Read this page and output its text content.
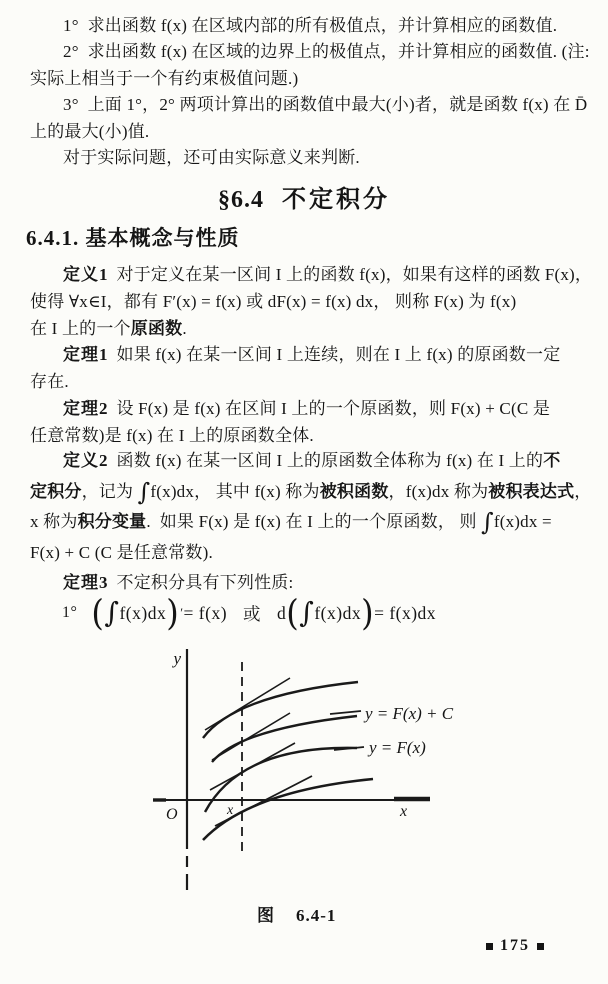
1°  求出函数 f(x) 在区域内部的所有极值点，并计算相应的函数值.
2°  求出函数 f(x) 在区域的边界上的极值点，并计算相应的函数值. (注:
实际上相当于一个有约束极值问题.)
3°  上面 1°，2° 两项计算出的函数值中最大(小)者，就是函数 f(x) 在 D̄
上的最大(小)值.
对于实际问题，还可由实际意义来判断.
§6.4 不定积分
6.4.1. 基本概念与性质
定义1 对于定义在某一区间 I 上的函数 f(x)，如果有这样的函数 F(x)，
使得 ∀x∈I，都有 F′(x) = f(x) 或 dF(x) = f(x) dx， 则称 F(x) 为 f(x)
在 I 上的一个原函数.
定理1 如果 f(x) 在某一区间 I 上连续，则在 I 上 f(x) 的原函数一定
存在.
定理2 设 F(x) 是 f(x) 在区间 I 上的一个原函数，则 F(x) + C(C 是
任意常数)是 f(x) 在 I 上的原函数全体.
定义2 函数 f(x) 在某一区间 I 上的原函数全体称为 f(x) 在 I 上的不
定积分，记为 ∫f(x)dx， 其中 f(x) 称为被积函数，f(x)dx 称为被积表达式，
x 称为积分变量.  如果 F(x) 是 f(x) 在 I 上的一个原函数， 则 ∫f(x)dx =
F(x) + C (C 是任意常数).
定理3 不定积分具有下列性质:
1° ( ∫ f(x)dx ) ′ = f(x) 或 d ( ∫ f(x)dx ) = f(x)dx
y
x
O	x
y = F(x) + C
y = F(x)
图 6.4-1
175
